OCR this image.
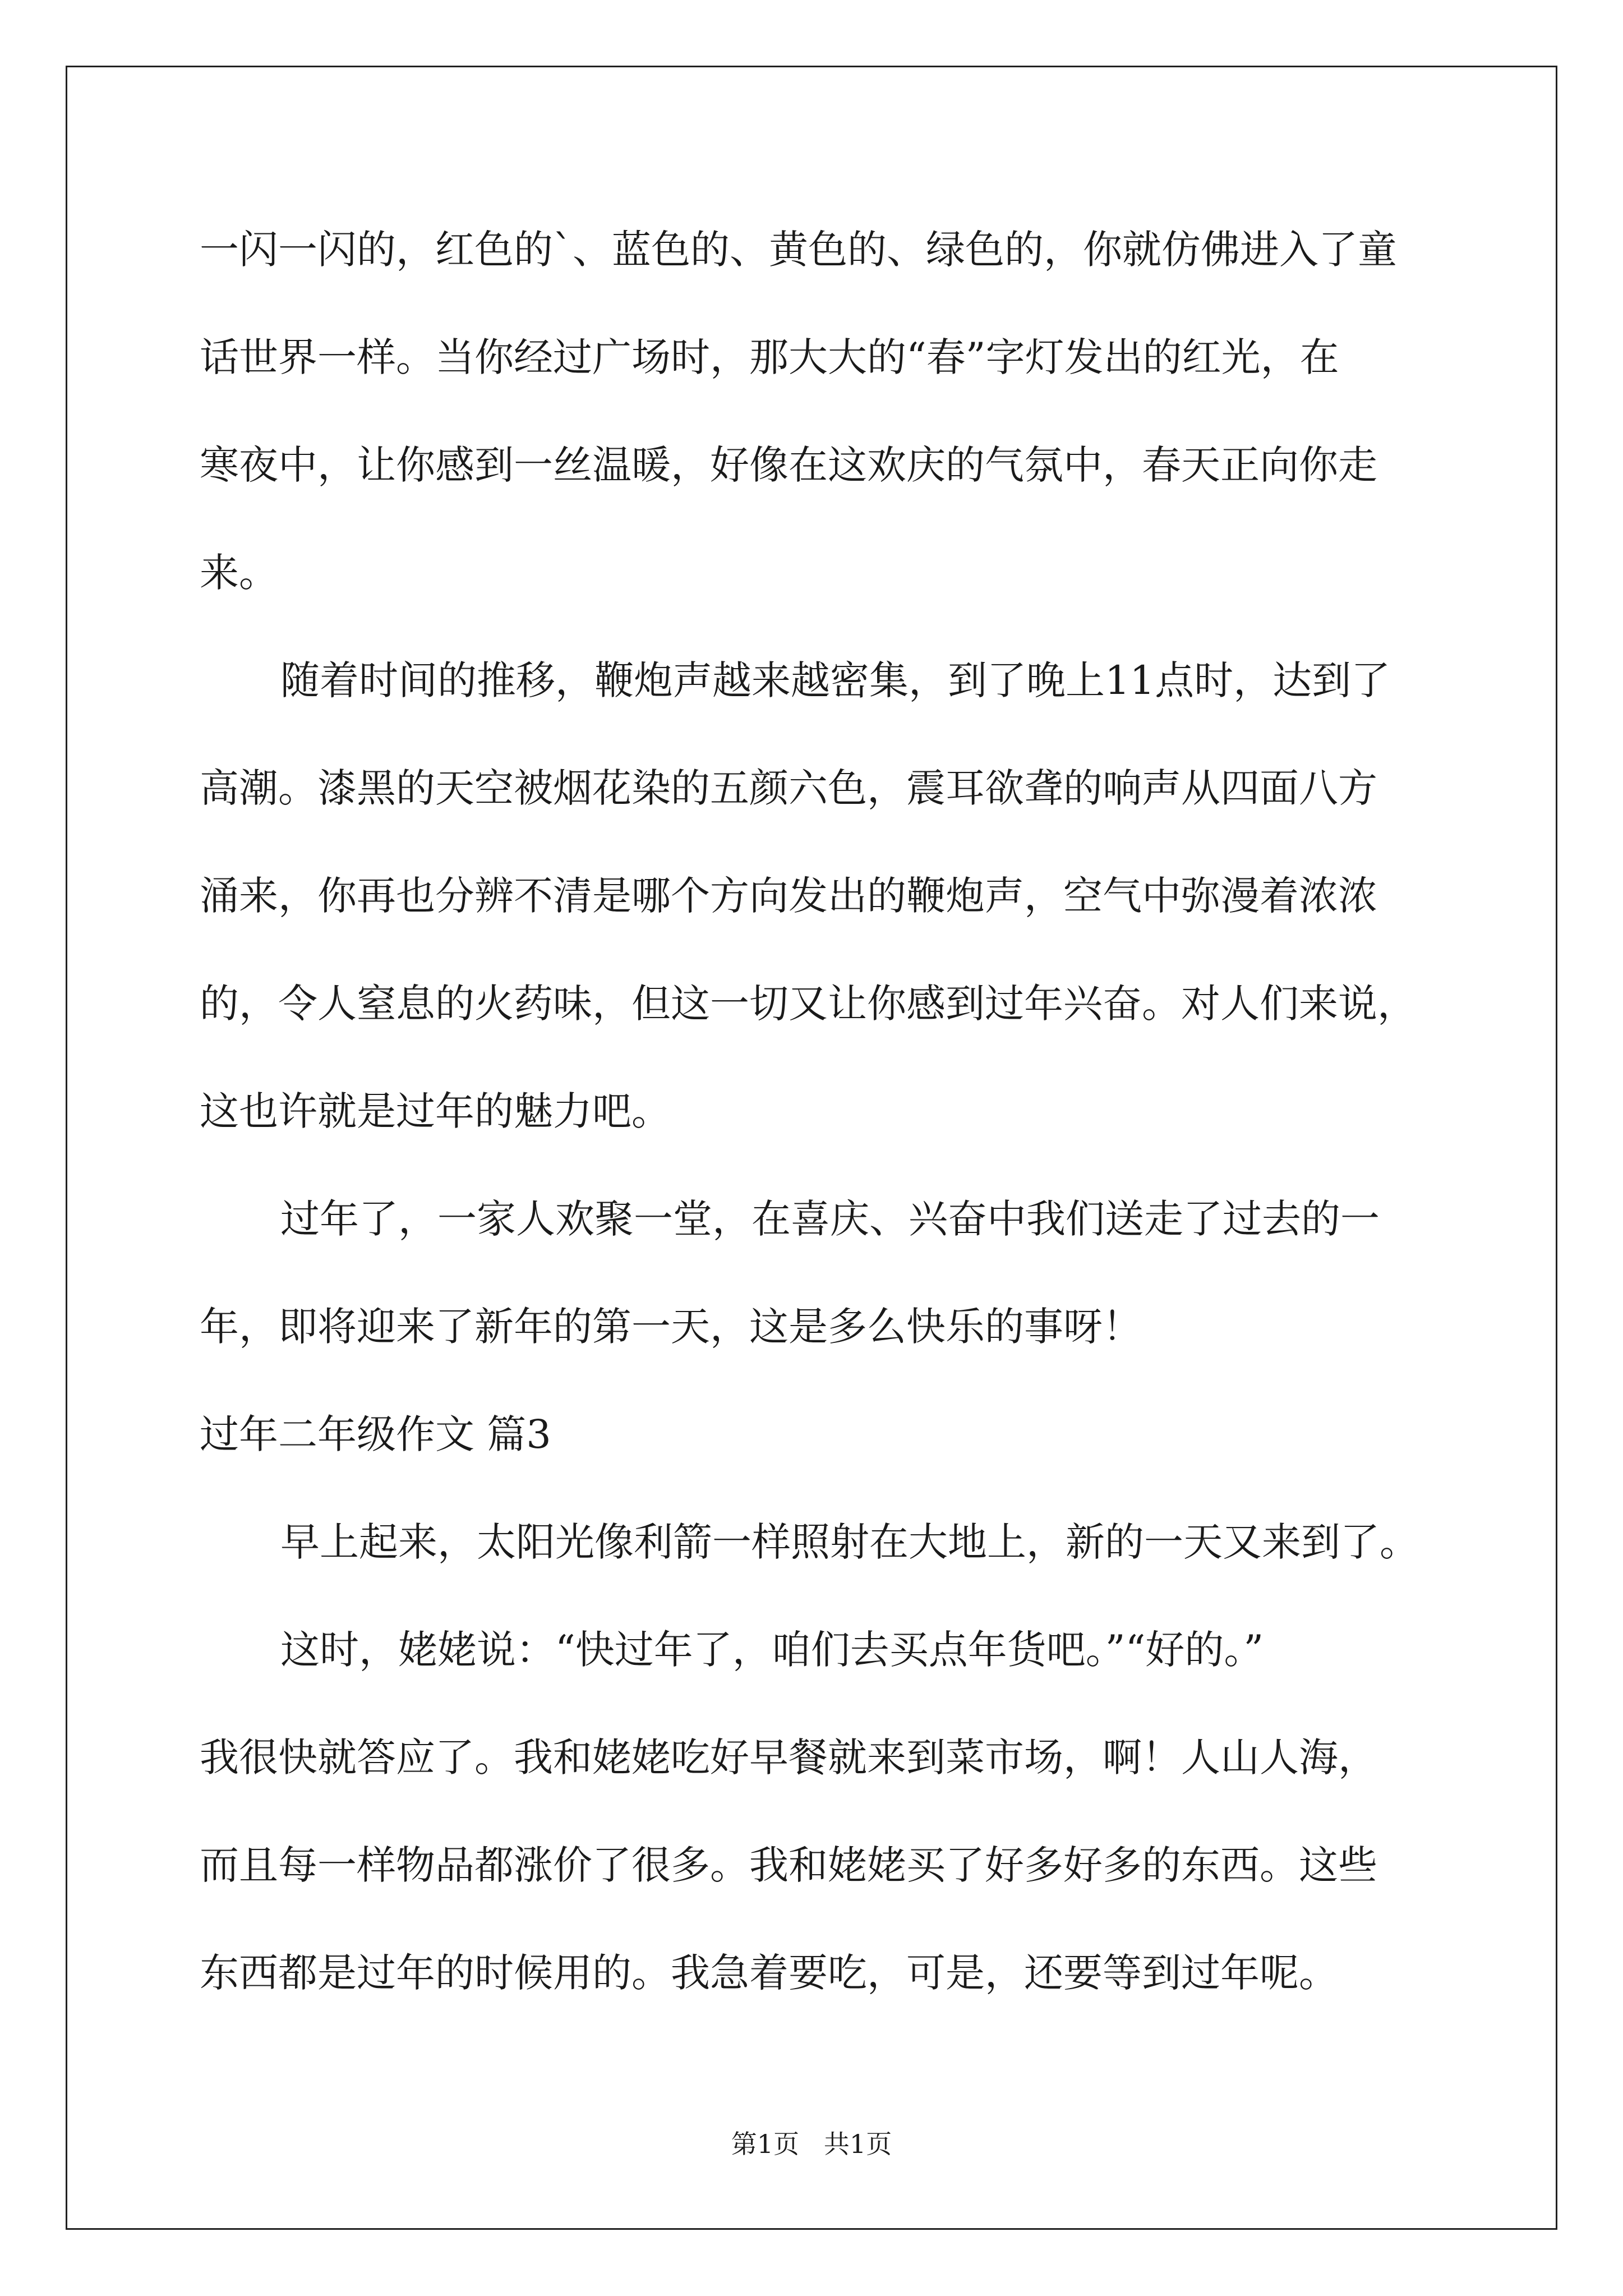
一闪一闪的，红色的`、蓝色的、黄色的、绿色的，你就仿佛进入了童
话世界一样。当你经过广场时，那大大的“春”字灯发出的红光，在
寒夜中，让你感到一丝温暖，好像在这欢庆的气氛中，春天正向你走
来。
随着时间的推移，鞭炮声越来越密集，到了晚上11点时，达到了
高潮。漆黑的天空被烟花染的五颜六色，震耳欲聋的响声从四面八方
涌来，你再也分辨不清是哪个方向发出的鞭炮声，空气中弥漫着浓浓
的，令人窒息的火药味，但这一切又让你感到过年兴奋。对人们来说，
这也许就是过年的魅力吧。
过年了，一家人欢聚一堂，在喜庆、兴奋中我们送走了过去的一
年，即将迎来了新年的第一天，这是多么快乐的事呀！
过年二年级作文 篇3
早上起来，太阳光像利箭一样照射在大地上，新的一天又来到了。
这时，姥姥说：“快过年了，咱们去买点年货吧。”“好的。”
我很快就答应了。我和姥姥吃好早餐就来到菜市场，啊！人山人海，
而且每一样物品都涨价了很多。我和姥姥买了好多好多的东西。这些
东西都是过年的时候用的。我急着要吃，可是，还要等到过年呢。
第1页   共1页
